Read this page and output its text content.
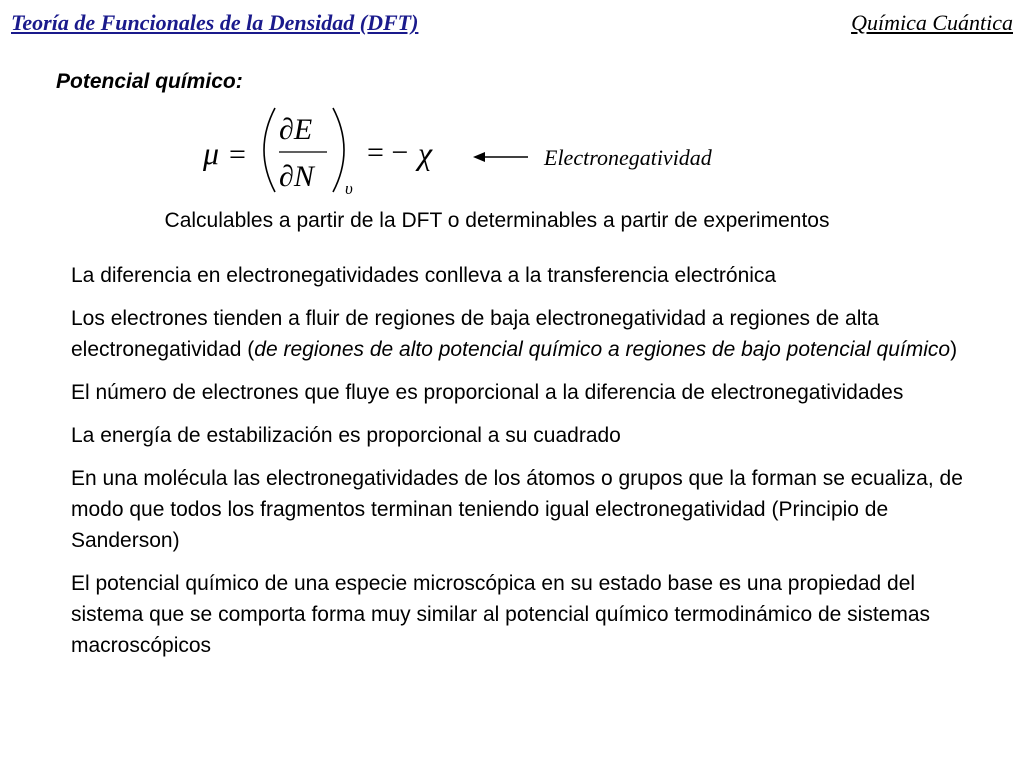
Teoría de Funcionales de la Densidad (DFT)	Química Cuántica
Potencial químico:
μ =
∂E
∂N υ
= − χ	Electronegatividad
Calculables a partir de la DFT o determinables a partir de experimentos

La diferencia en electronegatividades conlleva a la transferencia electrónica

Los electrones tienden a fluir de regiones de baja electronegatividad a regiones de alta electronegatividad (de regiones de alto potencial químico a regiones de bajo potencial químico)

El número de electrones que fluye es proporcional a la diferencia de electronegatividades

La energía de estabilización es proporcional a su cuadrado

En una molécula las electronegatividades de los átomos o grupos que la forman se ecualiza, de modo que todos los fragmentos terminan teniendo igual electronegatividad (Principio de Sanderson)

El potencial químico de una especie microscópica en su estado base es una propiedad del sistema que se comporta forma muy similar al potencial químico termodinámico de sistemas macroscópicos
